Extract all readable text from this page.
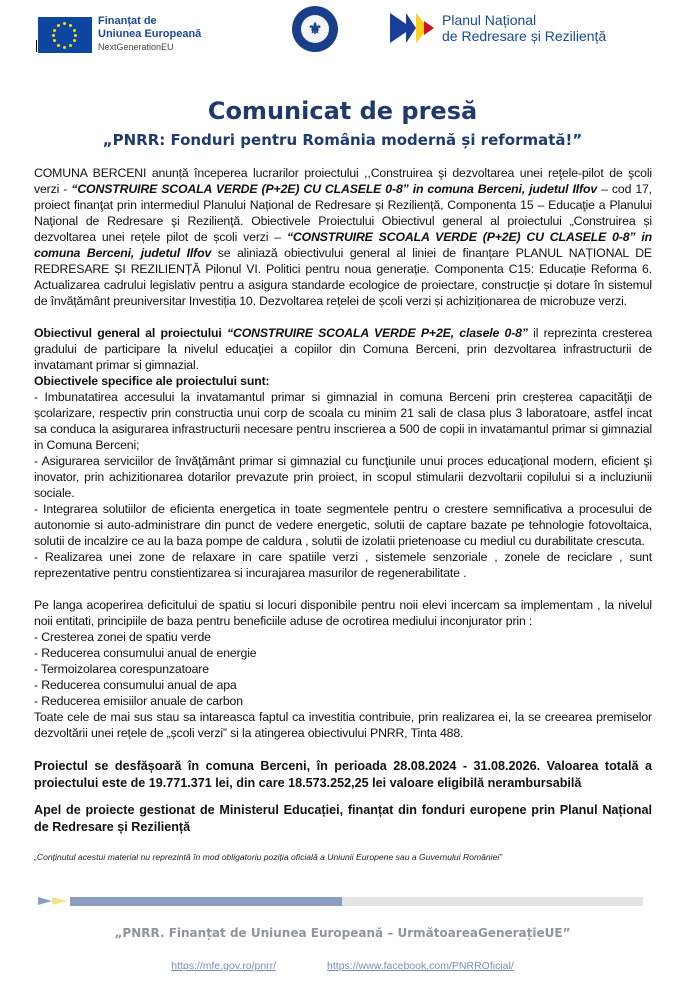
Finanțat de
Uniunea Europeană
NextGenerationEU
⚜
Planul Național
de Redresare și Reziliență
Comunicat de presă
„PNRR: Fonduri pentru România modernă și reformată!”

COMUNA BERCENI anunță începerea lucrarilor proiectului ,,Construirea şi dezvoltarea unei reţele-pilot de şcoli verzi - “CONSTRUIRE SCOALA VERDE (P+2E) CU CLASELE 0-8” in comuna Berceni, judetul Ilfov – cod 17, proiect finanţat prin intermediul Planului Național de Redresare și Reziliență, Componenta 15 – Educaţie a Planului Naţional de Redresare şi Rezilienţă. Obiectivele Proiectului Obiectivul general al proiectului „Construirea și dezvoltarea unei rețele pilot de școli verzi – “CONSTRUIRE SCOALA VERDE (P+2E) CU CLASELE 0-8” in comuna Berceni, judetul Ilfov se aliniază obiectivului general al liniei de finanțare PLANUL NAȚIONAL DE REDRESARE ȘI REZILIENȚĂ Pilonul VI. Politici pentru noua generație. Componenta C15: Educație Reforma 6. Actualizarea cadrului legislativ pentru a asigura standarde ecologice de proiectare, construcție și dotare în sistemul de învățământ preuniversitar Investiția 10. Dezvoltarea rețelei de școli verzi și achiziționarea de microbuze verzi.

Obiectivul general al proiectului “CONSTRUIRE SCOALA VERDE P+2E, clasele 0-8” il reprezinta cresterea gradului de participare la nivelul educaţiei a copiilor din Comuna Berceni, prin dezvoltarea infrastructurii de invatamant primar si gimnazial.

Obiectivele specifice ale proiectului sunt:

- Imbunatatirea accesului la invatamantul primar si gimnazial in comuna Berceni prin creșterea capacităţii de școlarizare, respectiv prin constructia unui corp de scoala cu minim 21 sali de clasa plus 3 laboratoare, astfel incat sa conduca la asigurarea infrastructurii necesare pentru inscrierea a 500 de copii in invatamantul primar si gimnazial in Comuna Berceni;

- Asigurarea serviciilor de învăţământ primar si gimnazial cu funcţiunile unui proces educaţional modern, eficient şi inovator, prin achizitionarea dotarilor prevazute prin proiect, in scopul stimularii dezvoltarii copilului si a incluziunii sociale.

- Integrarea solutiilor de eficienta energetica in toate segmentele pentru o crestere semnificativa a procesului de autonomie si auto-administrare din punct de vedere energetic, solutii de captare bazate pe tehnologie fotovoltaica, solutii de incalzire ce au la baza pompe de caldura , solutii de izolatii prietenoase cu mediul cu durabilitate crescuta.

- Realizarea unei zone de relaxare in care spatiile verzi , sistemele senzoriale , zonele de reciclare , sunt reprezentative pentru constientizarea si incurajarea masurilor de regenerabilitate .

Pe langa acoperirea deficitului de spatiu si locuri disponibile pentru noii elevi incercam sa implementam , la nivelul noii entitati, principiile de baza pentru beneficiile aduse de ocrotirea mediului inconjurator prin :

- Cresterea zonei de spatiu verde

- Reducerea consumului anual de energie

- Termoizolarea corespunzatoare

- Reducerea consumului anual de apa

- Reducerea emisiilor anuale de carbon

Toate cele de mai sus stau sa intareasca faptul ca investitia contribuie, prin realizarea ei, la se creearea premiselor dezvoltării unei rețele de „școli verzi” si la atingerea obiectivului PNRR, Tinta 488.

Proiectul se desfășoară în comuna Berceni, în perioada 28.08.2024 - 31.08.2026. Valoarea totală a proiectului este de 19.771.371 lei, din care 18.573.252,25 lei valoare eligibilă nerambursabilă
Apel de proiecte gestionat de Ministerul Educației, finanțat din fonduri europene prin Planul Național de Redresare și Reziliență
„Conținutul acestui material nu reprezintă în mod obligatoriu poziția oficială a Uniunii Europene sau a Guvernului României”
„PNRR. Finanțat de Uniunea Europeană – UrmătoareaGenerațieUE”
https://mfe.gov.ro/pnrr/	https://www.facebook.com/PNRROficial/
